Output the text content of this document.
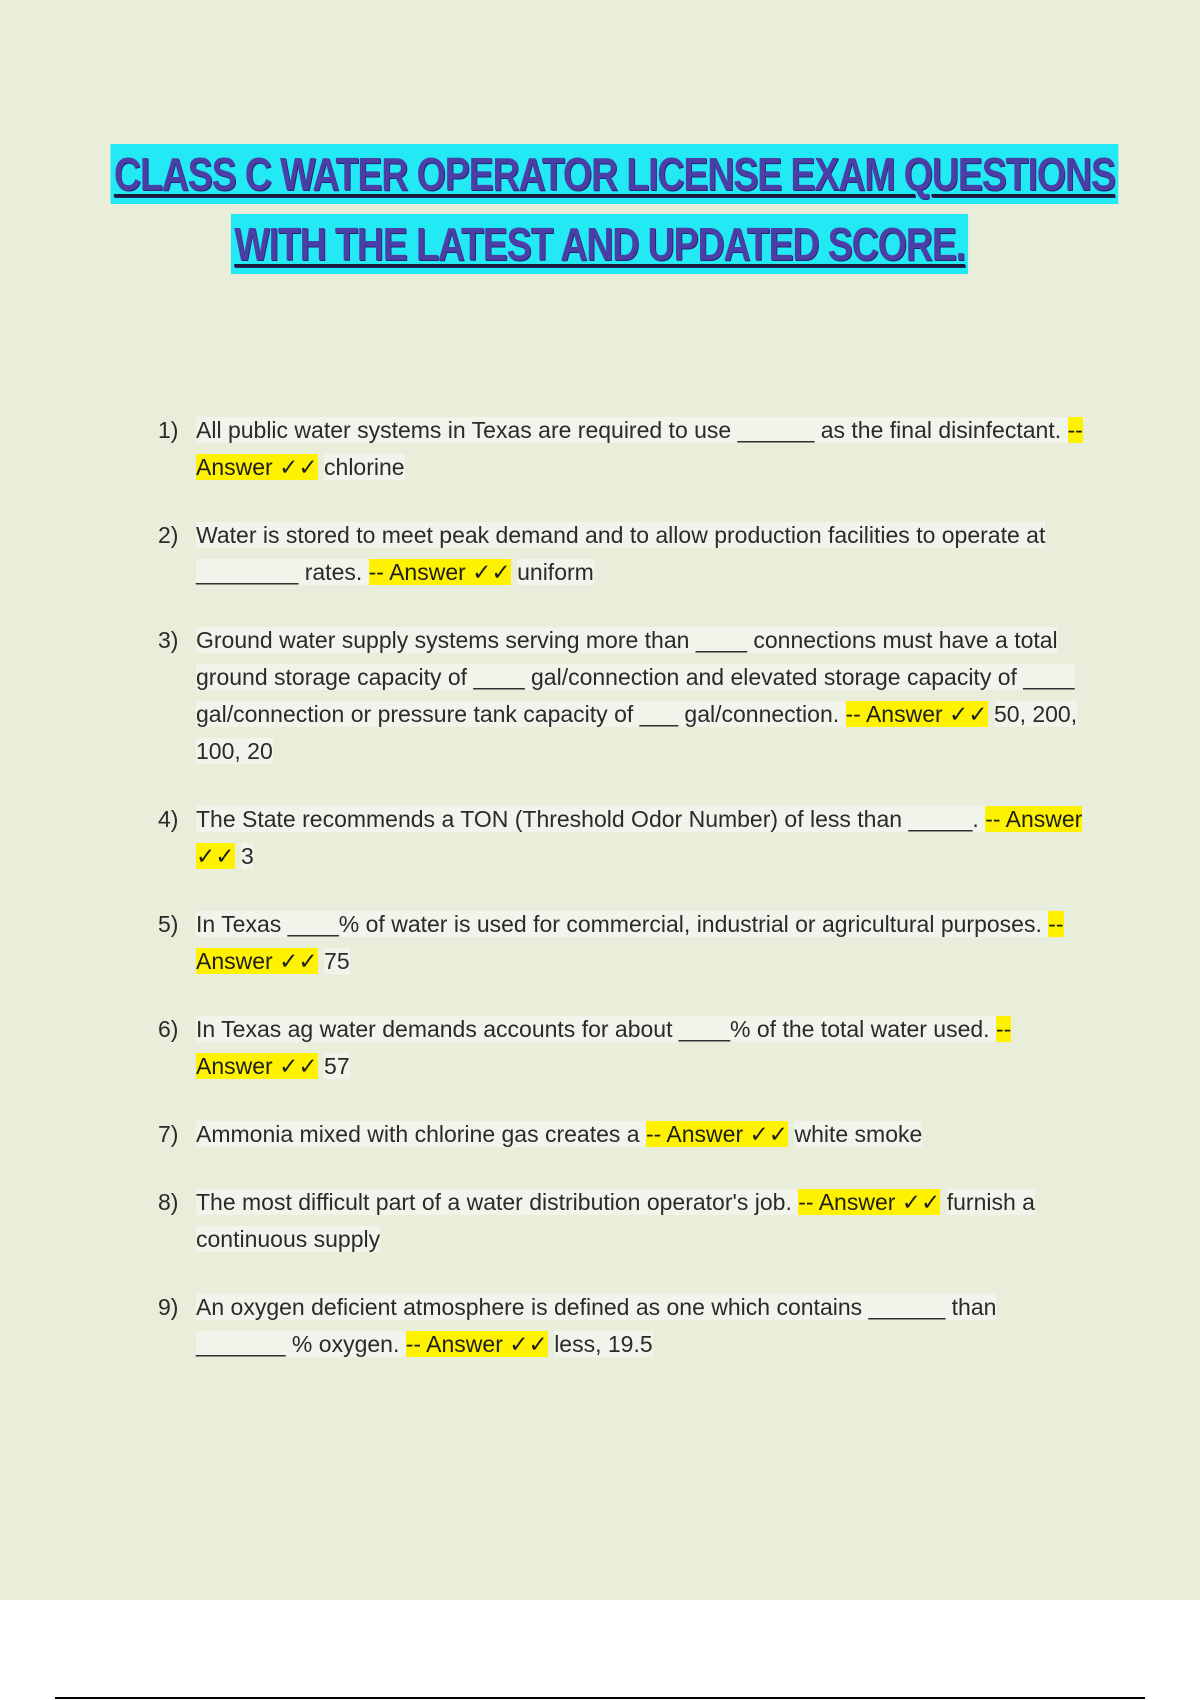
CLASS C WATER OPERATOR LICENSE EXAM QUESTIONS
WITH THE LATEST AND UPDATED SCORE.
1) All public water systems in Texas are required to use ______ as the final disinfectant. -- Answer ✓✓ chlorine
2) Water is stored to meet peak demand and to allow production facilities to operate at ________ rates. -- Answer ✓✓ uniform
3) Ground water supply systems serving more than ____ connections must have a total ground storage capacity of ____ gal/connection and elevated storage capacity of ____ gal/connection or pressure tank capacity of ___ gal/connection. -- Answer ✓✓ 50, 200, 100, 20
4) The State recommends a TON (Threshold Odor Number) of less than _____. -- Answer ✓✓ 3
5) In Texas ____% of water is used for commercial, industrial or agricultural purposes. -- Answer ✓✓ 75
6) In Texas ag water demands accounts for about ____% of the total water used. -- Answer ✓✓ 57
7) Ammonia mixed with chlorine gas creates a -- Answer ✓✓ white smoke
8) The most difficult part of a water distribution operator's job. -- Answer ✓✓ furnish a continuous supply
9) An oxygen deficient atmosphere is defined as one which contains ______ than _______ % oxygen. -- Answer ✓✓ less, 19.5
